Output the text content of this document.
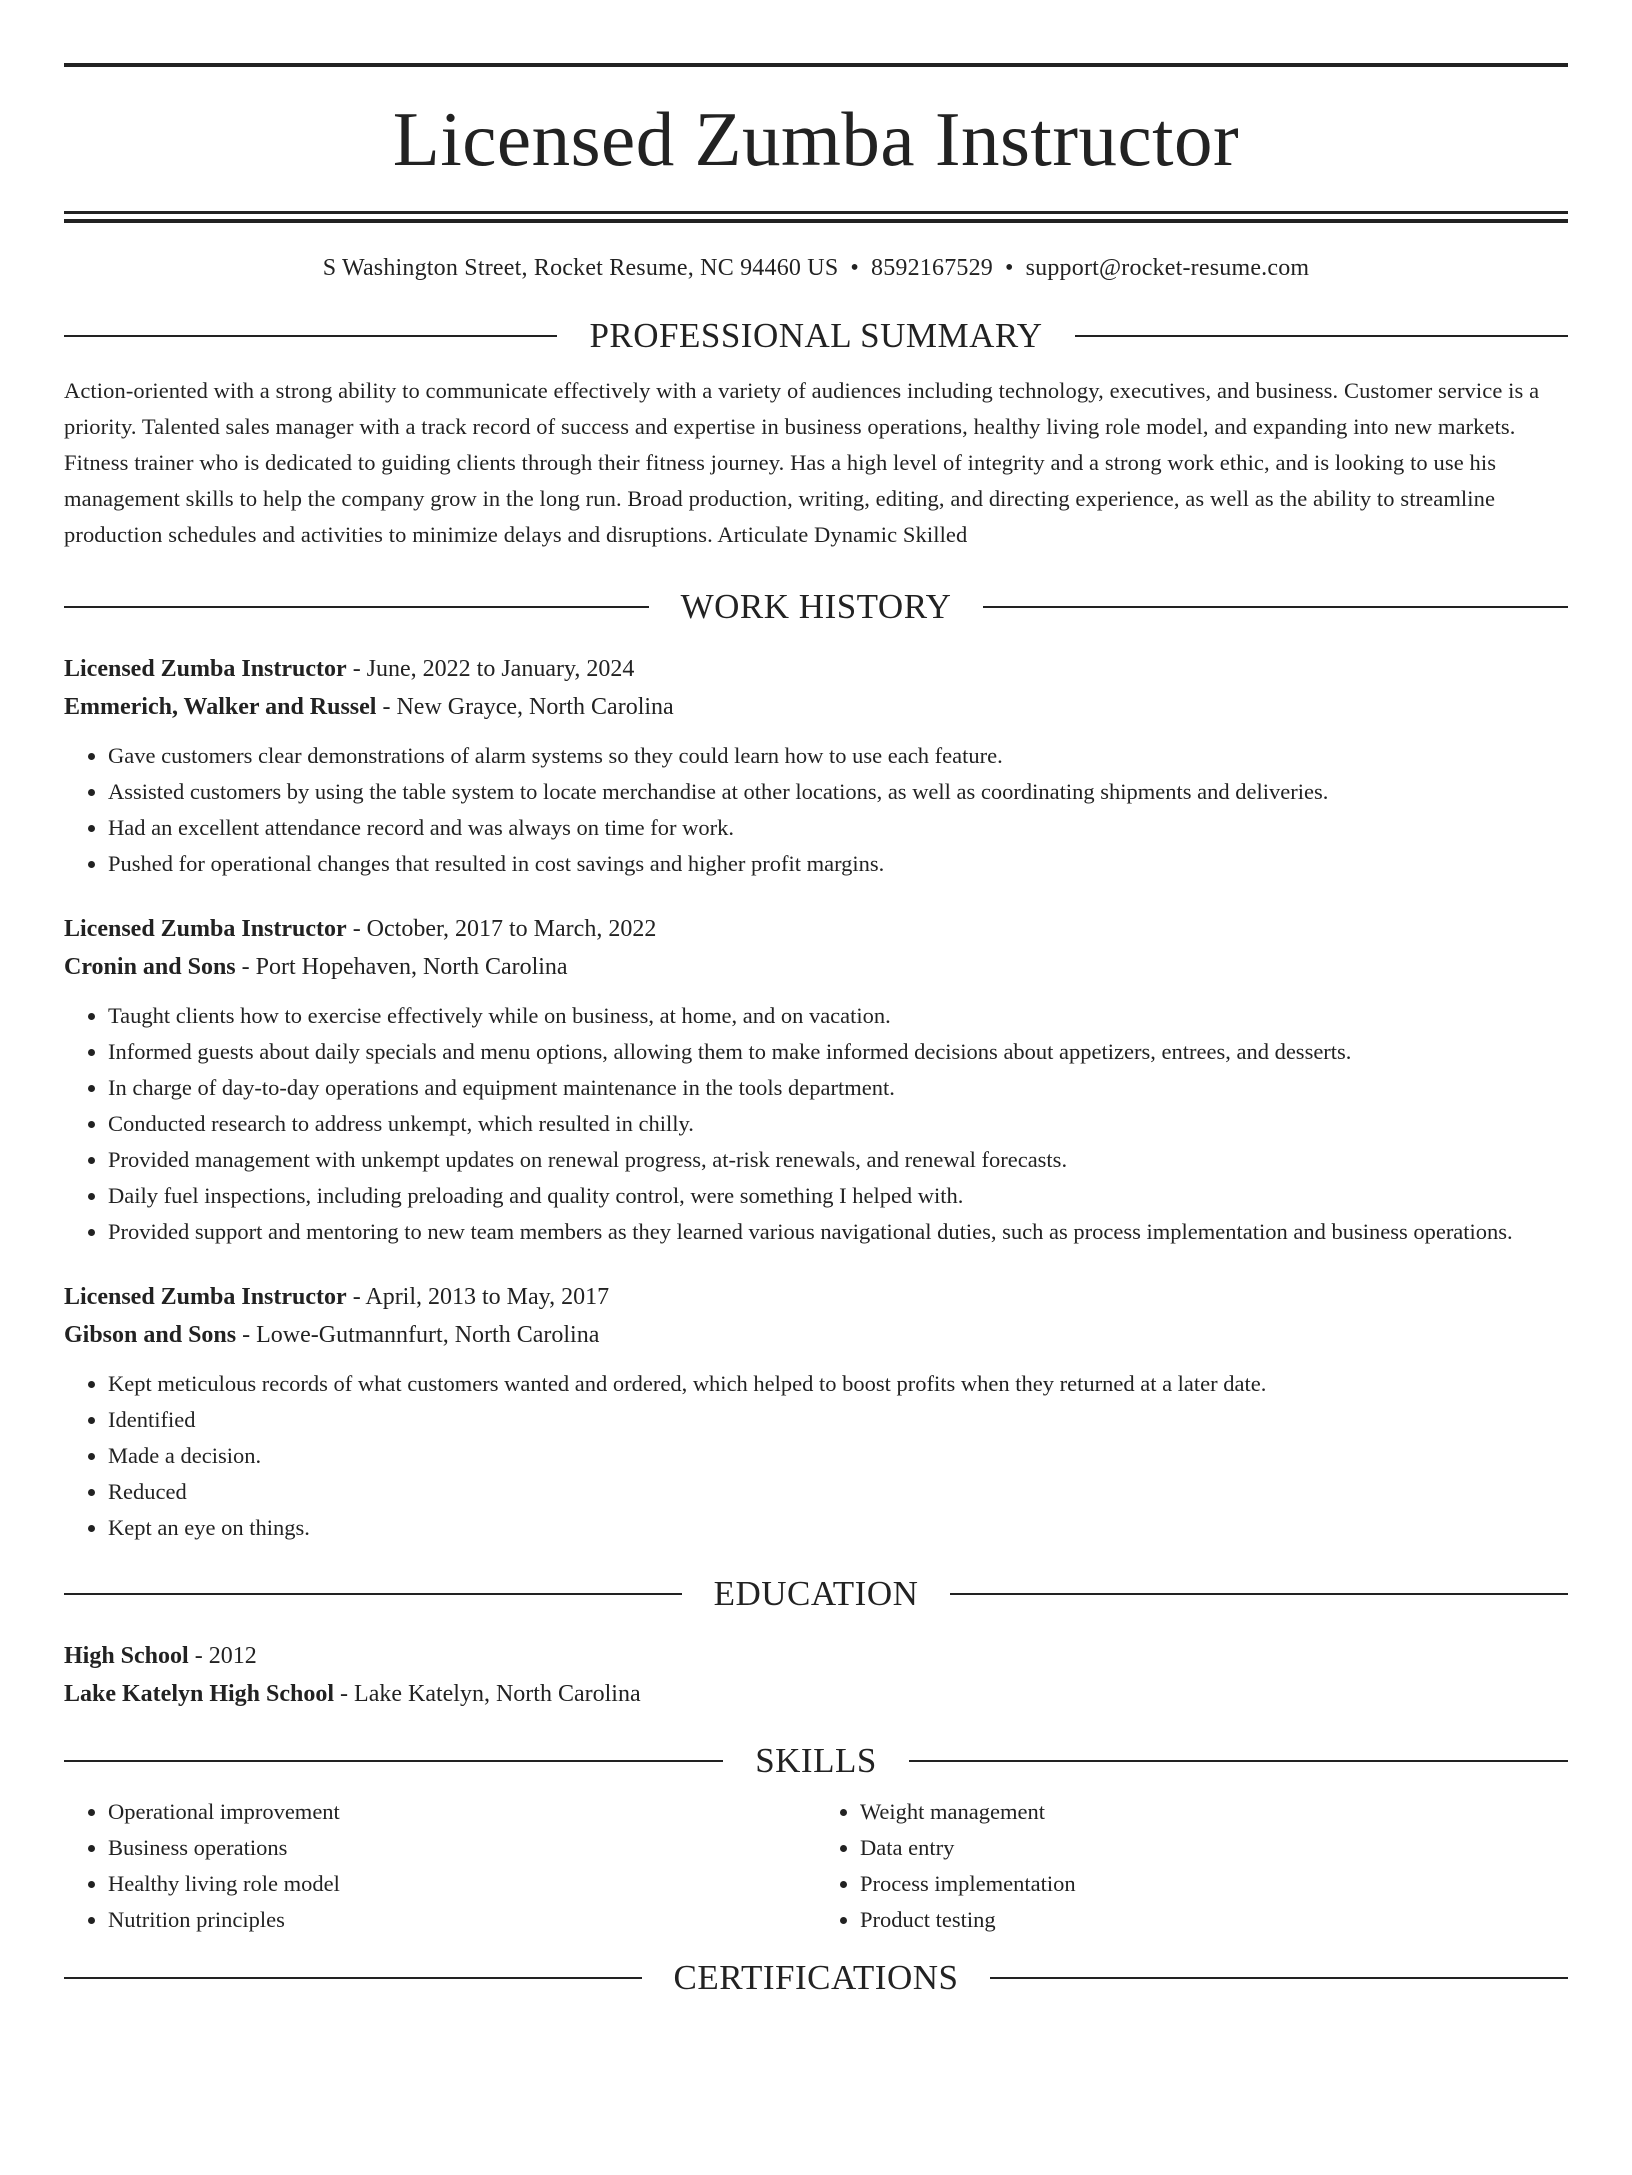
Licensed Zumba Instructor
S Washington Street, Rocket Resume, NC 94460 US • 8592167529 • support@rocket-resume.com
PROFESSIONAL SUMMARY
Action-oriented with a strong ability to communicate effectively with a variety of audiences including technology, executives, and business. Customer service is a priority. Talented sales manager with a track record of success and expertise in business operations, healthy living role model, and expanding into new markets. Fitness trainer who is dedicated to guiding clients through their fitness journey. Has a high level of integrity and a strong work ethic, and is looking to use his management skills to help the company grow in the long run. Broad production, writing, editing, and directing experience, as well as the ability to streamline production schedules and activities to minimize delays and disruptions. Articulate Dynamic Skilled
WORK HISTORY
Licensed Zumba Instructor - June, 2022 to January, 2024
Emmerich, Walker and Russel - New Grayce, North Carolina
• Gave customers clear demonstrations of alarm systems so they could learn how to use each feature.
• Assisted customers by using the table system to locate merchandise at other locations, as well as coordinating shipments and deliveries.
• Had an excellent attendance record and was always on time for work.
• Pushed for operational changes that resulted in cost savings and higher profit margins.
Licensed Zumba Instructor - October, 2017 to March, 2022
Cronin and Sons - Port Hopehaven, North Carolina
• Taught clients how to exercise effectively while on business, at home, and on vacation.
• Informed guests about daily specials and menu options, allowing them to make informed decisions about appetizers, entrees, and desserts.
• In charge of day-to-day operations and equipment maintenance in the tools department.
• Conducted research to address unkempt, which resulted in chilly.
• Provided management with unkempt updates on renewal progress, at-risk renewals, and renewal forecasts.
• Daily fuel inspections, including preloading and quality control, were something I helped with.
• Provided support and mentoring to new team members as they learned various navigational duties, such as process implementation and business operations.
Licensed Zumba Instructor - April, 2013 to May, 2017
Gibson and Sons - Lowe-Gutmannfurt, North Carolina
• Kept meticulous records of what customers wanted and ordered, which helped to boost profits when they returned at a later date.
• Identified
• Made a decision.
• Reduced
• Kept an eye on things.
EDUCATION
High School - 2012
Lake Katelyn High School - Lake Katelyn, North Carolina
SKILLS
• Operational improvement
• Business operations
• Healthy living role model
• Nutrition principles
• Weight management
• Data entry
• Process implementation
• Product testing
CERTIFICATIONS
